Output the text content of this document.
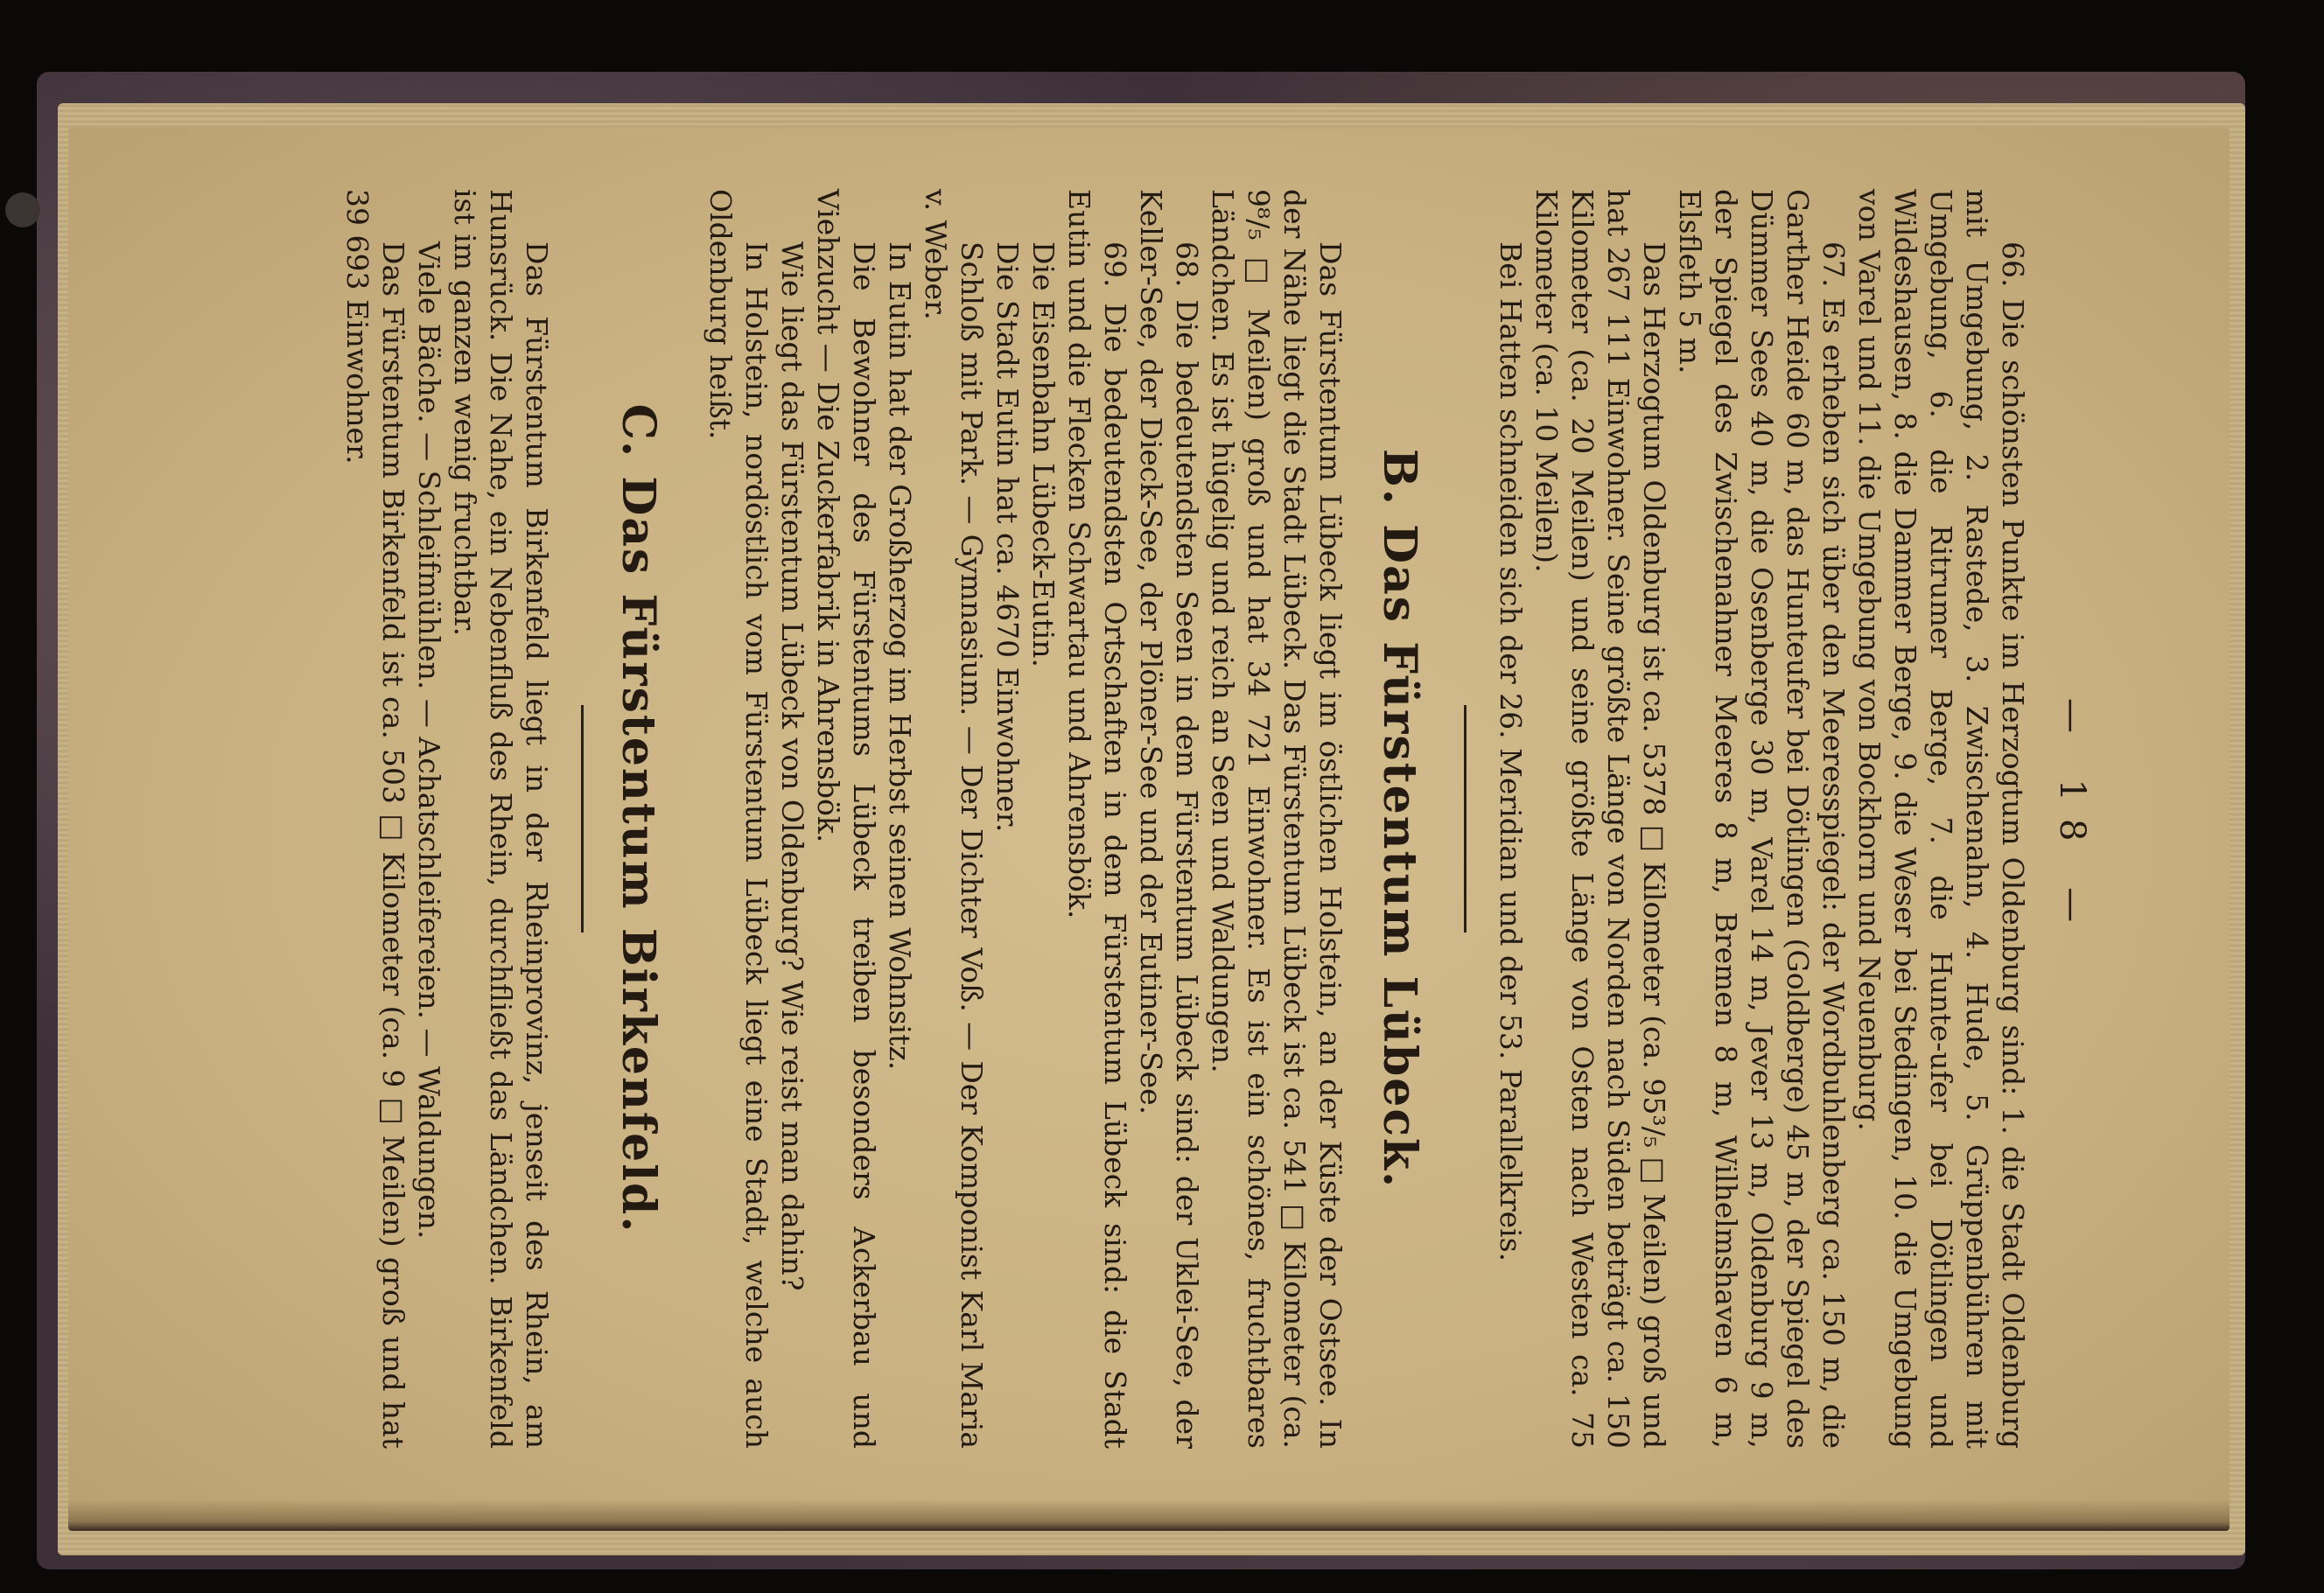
— 18 —

66. Die schönsten Punkte im Herzogtum Oldenburg sind: 1. die Stadt Oldenburg mit Umgebung, 2. Rastede, 3. Zwischenahn, 4. Hude, 5. Grüppenbühren mit Umgebung, 6. die Ritrumer Berge, 7. die Hunte-ufer bei Dötlingen und Wildeshausen, 8. die Dammer Berge, 9. die Weser bei Stedingen, 10. die Umgebung von Varel und 11. die Umgebung von Bockhorn und Neuenburg.

67. Es erheben sich über den Meeresspiegel: der Wordbuhlenberg ca. 150 m, die Garther Heide 60 m, das Hunteufer bei Dötlingen (Goldberge) 45 m, der Spiegel des Dümmer Sees 40 m, die Osenberge 30 m, Varel 14 m, Jever 13 m, Oldenburg 9 m, der Spiegel des Zwischenahner Meeres 8 m, Bremen 8 m, Wilhelmshaven 6 m, Elsfleth 5 m.

Das Herzogtum Oldenburg ist ca. 5378 □ Kilometer (ca. 95³/₅ □ Meilen) groß und hat 267 111 Einwohner. Seine größte Länge von Norden nach Süden beträgt ca. 150 Kilometer (ca. 20 Meilen) und seine größte Länge von Osten nach Westen ca. 75 Kilometer (ca. 10 Meilen).

Bei Hatten schneiden sich der 26. Meridian und der 53. Parallelkreis.

B. Das Fürstentum Lübeck.

Das Fürstentum Lübeck liegt im östlichen Holstein, an der Küste der Ostsee. In der Nähe liegt die Stadt Lübeck. Das Fürstentum Lübeck ist ca. 541 □ Kilometer (ca. 9⁸/₅ □ Meilen) groß und hat 34 721 Einwohner. Es ist ein schönes, fruchtbares Ländchen. Es ist hügelig und reich an Seen und Waldungen.

68. Die bedeutendsten Seen in dem Fürstentum Lübeck sind: der Uklei-See, der Keller-See, der Dieck-See, der Plöner-See und der Eutiner-See.

69. Die bedeutendsten Ortschaften in dem Fürstentum Lübeck sind: die Stadt Eutin und die Flecken Schwartau und Ahrensbök.

Die Eisenbahn Lübeck-Eutin.

Die Stadt Eutin hat ca. 4670 Einwohner.

Schloß mit Park. — Gymnasium. — Der Dichter Voß. — Der Komponist Karl Maria v. Weber.

In Eutin hat der Großherzog im Herbst seinen Wohnsitz.

Die Bewohner des Fürstentums Lübeck treiben besonders Ackerbau und Viehzucht — Die Zuckerfabrik in Ahrensbök.

Wie liegt das Fürstentum Lübeck von Oldenburg? Wie reist man dahin?

In Holstein, nordöstlich vom Fürstentum Lübeck liegt eine Stadt, welche auch Oldenburg heißt.

C. Das Fürstentum Birkenfeld.

Das Fürstentum Birkenfeld liegt in der Rheinprovinz, jenseit des Rhein, am Hunsrück. Die Nahe, ein Nebenfluß des Rhein, durchfließt das Ländchen. Birkenfeld ist im ganzen wenig fruchtbar.

Viele Bäche. — Schleifmühlen. — Achatschleifereien. — Waldungen.

Das Fürstentum Birkenfeld ist ca. 503 □ Kilometer (ca. 9 □ Meilen) groß und hat 39 693 Einwohner.
